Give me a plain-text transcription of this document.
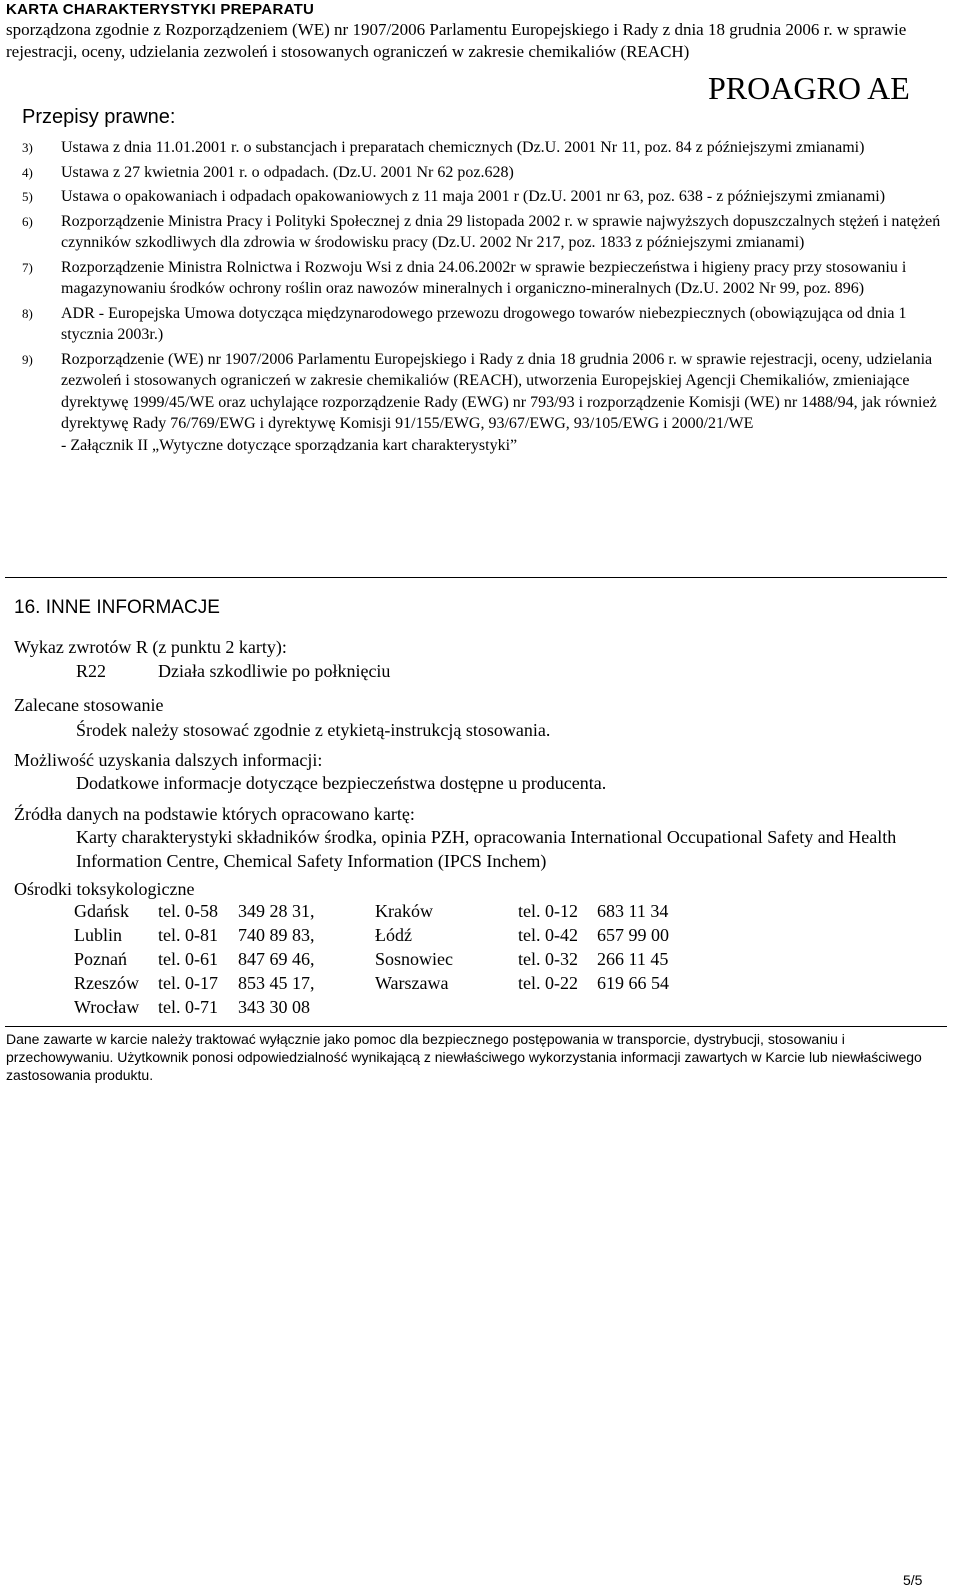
KARTA CHARAKTERYSTYKI PREPARATU
sporządzona zgodnie z Rozporządzeniem (WE) nr 1907/2006 Parlamentu Europejskiego i Rady z dnia 18 grudnia 2006 r. w sprawie rejestracji, oceny, udzielania zezwoleń i stosowanych ograniczeń w zakresie chemikaliów (REACH)
PROAGRO AE
Przepisy prawne:
3) Ustawa z dnia 11.01.2001 r. o substancjach i preparatach chemicznych (Dz.U. 2001 Nr 11, poz. 84 z późniejszymi zmianami)
4) Ustawa z 27 kwietnia 2001 r. o odpadach. (Dz.U. 2001 Nr 62 poz.628)
5) Ustawa o opakowaniach i odpadach opakowaniowych z 11 maja 2001 r (Dz.U. 2001 nr 63, poz. 638 - z późniejszymi zmianami)
6) Rozporządzenie Ministra Pracy i Polityki Społecznej z dnia 29 listopada 2002 r. w sprawie najwyższych dopuszczalnych stężeń i natężeń czynników szkodliwych dla zdrowia w środowisku pracy (Dz.U. 2002 Nr 217, poz. 1833 z późniejszymi zmianami)
7) Rozporządzenie Ministra Rolnictwa i Rozwoju Wsi z dnia 24.06.2002r w sprawie bezpieczeństwa i higieny pracy przy stosowaniu i magazynowaniu środków ochrony roślin oraz nawozów mineralnych i organiczno-mineralnych (Dz.U. 2002 Nr 99, poz. 896)
8) ADR - Europejska Umowa dotycząca międzynarodowego przewozu drogowego towarów niebezpiecznych (obowiązująca od dnia 1 stycznia 2003r.)
9) Rozporządzenie (WE) nr 1907/2006 Parlamentu Europejskiego i Rady z dnia 18 grudnia 2006 r. w sprawie rejestracji, oceny, udzielania zezwoleń i stosowanych ograniczeń w zakresie chemikaliów (REACH), utworzenia Europejskiej Agencji Chemikaliów, zmieniające dyrektywę 1999/45/WE oraz uchylające rozporządzenie Rady (EWG) nr 793/93 i rozporządzenie Komisji (WE) nr 1488/94, jak również dyrektywę Rady 76/769/EWG i dyrektywę Komisji 91/155/EWG, 93/67/EWG, 93/105/EWG i 2000/21/WE
- Załącznik II „Wytyczne dotyczące sporządzania kart charakterystyki”
16. INNE INFORMACJE
Wykaz zwrotów R (z punktu 2 karty):
R22	Działa szkodliwie po połknięciu
Zalecane stosowanie
Środek należy stosować zgodnie z etykietą-instrukcją stosowania.
Możliwość uzyskania dalszych informacji:
Dodatkowe informacje dotyczące bezpieczeństwa dostępne u producenta.
Źródła danych na podstawie których opracowano kartę:
Karty charakterystyki składników środka, opinia PZH, opracowania International Occupational Safety and Health Information Centre, Chemical Safety Information (IPCS Inchem)
Ośrodki toksykologiczne
Gdańsk	tel. 0-58	349 28 31,	Kraków	tel. 0-12	683 11 34
Lublin	tel. 0-81	740 89 83,	Łódź	tel. 0-42	657 99 00
Poznań	tel. 0-61	847 69 46,	Sosnowiec	tel. 0-32	266 11 45
Rzeszów	tel. 0-17	853 45 17,	Warszawa	tel. 0-22	619 66 54
Wrocław	tel. 0-71	343 30 08			
Dane zawarte w karcie należy traktować wyłącznie jako pomoc dla bezpiecznego postępowania w transporcie, dystrybucji, stosowaniu i przechowywaniu. Użytkownik ponosi odpowiedzialność wynikającą z niewłaściwego wykorzystania informacji zawartych w Karcie lub niewłaściwego zastosowania produktu.
5/5
